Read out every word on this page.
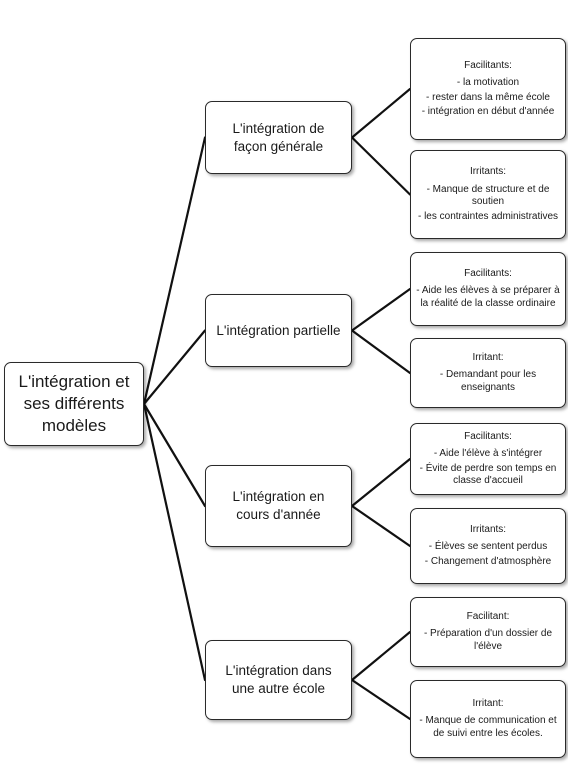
L'intégration et
ses différents
modèles
L'intégration de
façon générale
Facilitants:
- la motivation
- rester dans la même école
- intégration en début d'année
Irritants:
- Manque de structure et de soutien
- les contraintes administratives
L'intégration partielle
Facilitants:
- Aide les élèves à se préparer à la réalité de la classe ordinaire
Irritant:
- Demandant pour les enseignants
L'intégration en
cours d'année
Facilitants:
- Aide l'élève à s'intégrer
- Évite de perdre son temps en classe d'accueil
Irritants:
- Élèves se sentent perdus
- Changement d'atmosphère
L'intégration dans
une autre école
Facilitant:
- Préparation d'un dossier de l'élève
Irritant:
- Manque de communication et de suivi entre les écoles.
